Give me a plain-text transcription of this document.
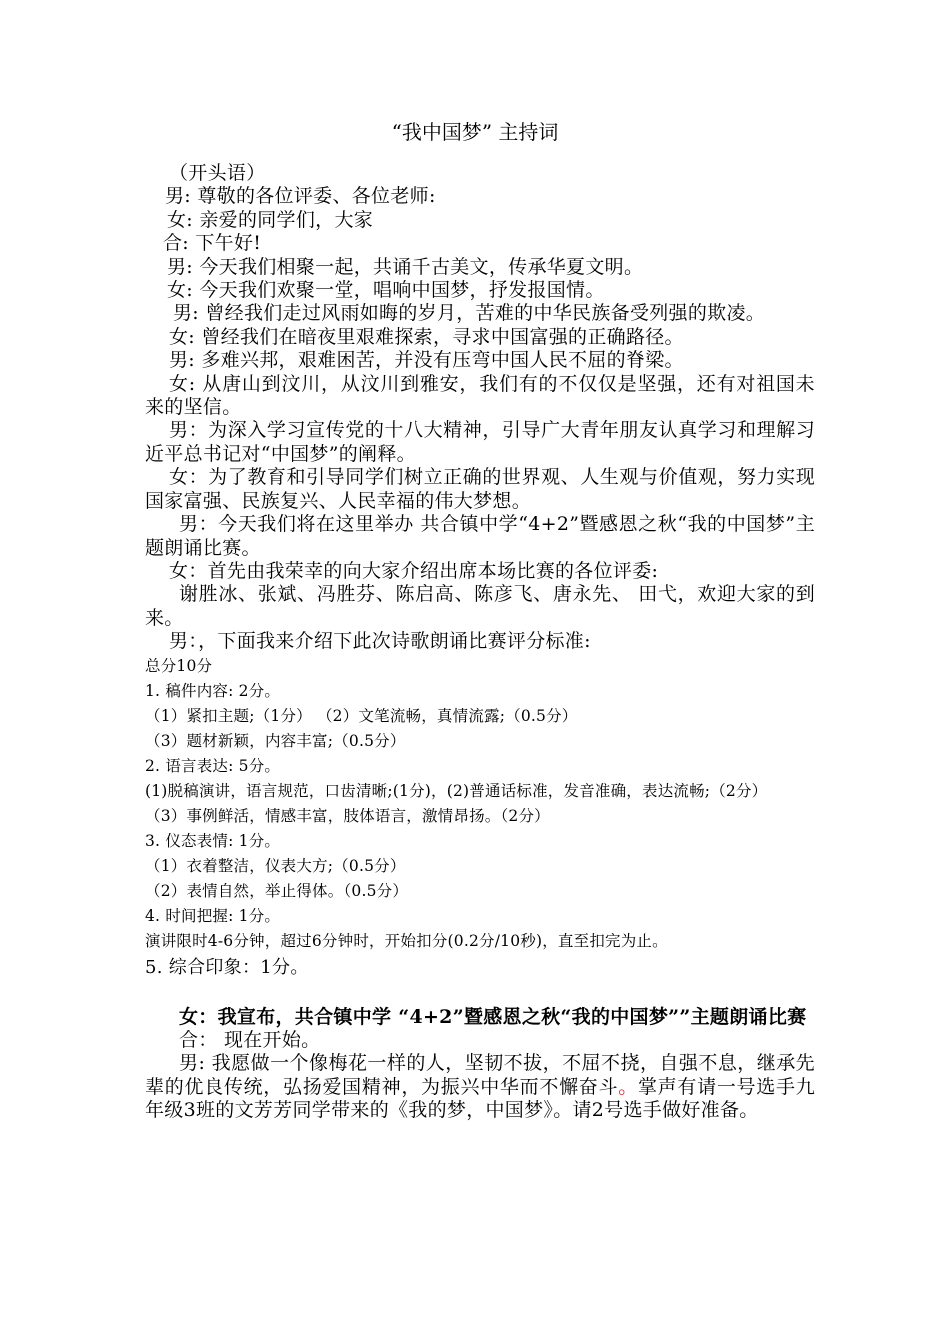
“我中国梦” 主持词

（开头语）

男: 尊敬的各位评委、各位老师:

女: 亲爱的同学们，大家

合: 下午好!

男: 今天我们相聚一起，共诵千古美文，传承华夏文明。

女: 今天我们欢聚一堂，唱响中国梦，抒发报国情。

男: 曾经我们走过风雨如晦的岁月，苦难的中华民族备受列强的欺凌。

女: 曾经我们在暗夜里艰难探索，寻求中国富强的正确路径。

男: 多难兴邦，艰难困苦，并没有压弯中国人民不屈的脊梁。

女: 从唐山到汶川，从汶川到雅安，我们有的不仅仅是坚强，还有对祖国未来的坚信。

男：为深入学习宣传党的十八大精神，引导广大青年朋友认真学习和理解习近平总书记对“中国梦”的阐释。

女：为了教育和引导同学们树立正确的世界观、人生观与价值观，努力实现国家富强、民族复兴、人民幸福的伟大梦想。

男：今天我们将在这里举办 共合镇中学“4+2”暨感恩之秋“我的中国梦”主题朗诵比赛。

女：首先由我荣幸的向大家介绍出席本场比赛的各位评委:

谢胜冰、张斌、冯胜芬、陈启高、陈彦飞、唐永先、 田弋，欢迎大家的到来。

男：，下面我来介绍下此次诗歌朗诵比赛评分标准:

总分10分

1. 稿件内容: 2分。

（1）紧扣主题;（1分） （2）文笔流畅，真情流露;（0.5分）

（3）题材新颖，内容丰富;（0.5分）

2. 语言表达: 5分。

(1)脱稿演讲，语言规范，口齿清晰;(1分)，(2)普通话标准，发音准确，表达流畅;（2分）

（3）事例鲜活，情感丰富，肢体语言，激情昂扬。（2分）

3. 仪态表情: 1分。

（1）衣着整洁，仪表大方;（0.5分）

（2）表情自然，举止得体。（0.5分）

4. 时间把握: 1分。

演讲限时4-6分钟，超过6分钟时，开始扣分(0.2分/10秒)，直至扣完为止。

5. 综合印象：1分。

女：我宣布，共合镇中学 “4+2”暨感恩之秋“我的中国梦””主题朗诵比赛

合： 现在开始。

男: 我愿做一个像梅花一样的人，坚韧不拔，不屈不挠，自强不息，继承先辈的优良传统，弘扬爱国精神，为振兴中华而不懈奋斗。掌声有请一号选手九年级3班的文芳芳同学带来的《我的梦，中国梦》。请2号选手做好准备。
